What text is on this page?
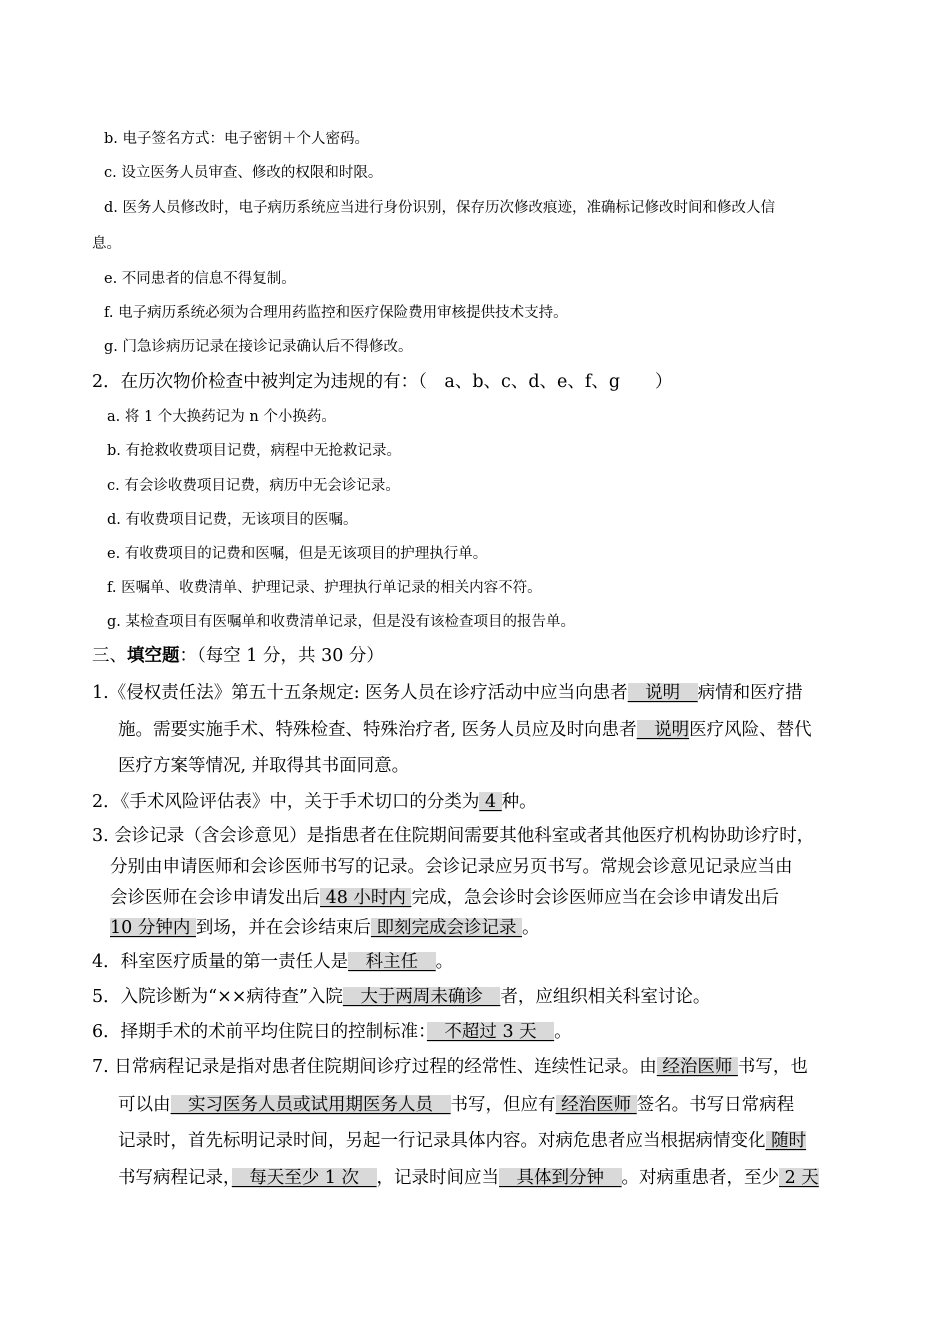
b. 电子签名方式：电子密钥＋个人密码。
c. 设立医务人员审查、修改的权限和时限。
d. 医务人员修改时，电子病历系统应当进行身份识别，保存历次修改痕迹，准确标记修改时间和修改人信
息。
e. 不同患者的信息不得复制。
f. 电子病历系统必须为合理用药监控和医疗保险费用审核提供技术支持。
g. 门急诊病历记录在接诊记录确认后不得修改。
2．在历次物价检查中被判定为违规的有：（　a、b、c、d、e、f、g　　）
a. 将 1 个大换药记为 n 个小换药。
b. 有抢救收费项目记费，病程中无抢救记录。
c. 有会诊收费项目记费，病历中无会诊记录。
d. 有收费项目记费，无该项目的医嘱。
e. 有收费项目的记费和医嘱，但是无该项目的护理执行单。
f. 医嘱单、收费清单、护理记录、护理执行单记录的相关内容不符。
g. 某检查项目有医嘱单和收费清单记录，但是没有该检查项目的报告单。
三、填空题：（每空 1 分，共 30 分）
1.《侵权责任法》第五十五条规定: 医务人员在诊疗活动中应当向患者　说明　病情和医疗措
施。需要实施手术、特殊检查、特殊治疗者, 医务人员应及时向患者　说明医疗风险、替代
医疗方案等情况, 并取得其书面同意。
2．《手术风险评估表》中，关于手术切口的分类为 4 种。
3. 会诊记录（含会诊意见）是指患者在住院期间需要其他科室或者其他医疗机构协助诊疗时，
分别由申请医师和会诊医师书写的记录。会诊记录应另页书写。常规会诊意见记录应当由
会诊医师在会诊申请发出后 48 小时内 完成，急会诊时会诊医师应当在会诊申请发出后
10 分钟内 到场，并在会诊结束后 即刻完成会诊记录 。
4．科室医疗质量的第一责任人是　科主任　。
5．入院诊断为“××病待查”入院　大于两周未确诊　者，应组织相关科室讨论。
6．择期手术的术前平均住院日的控制标准：　不超过 3 天　。
7. 日常病程记录是指对患者住院期间诊疗过程的经常性、连续性记录。由 经治医师 书写，也
可以由　实习医务人员或试用期医务人员　书写，但应有 经治医师 签名。书写日常病程
记录时，首先标明记录时间，另起一行记录具体内容。对病危患者应当根据病情变化 随时
书写病程记录，　每天至少 1 次　，记录时间应当　具体到分钟　。对病重患者，至少 2 天
